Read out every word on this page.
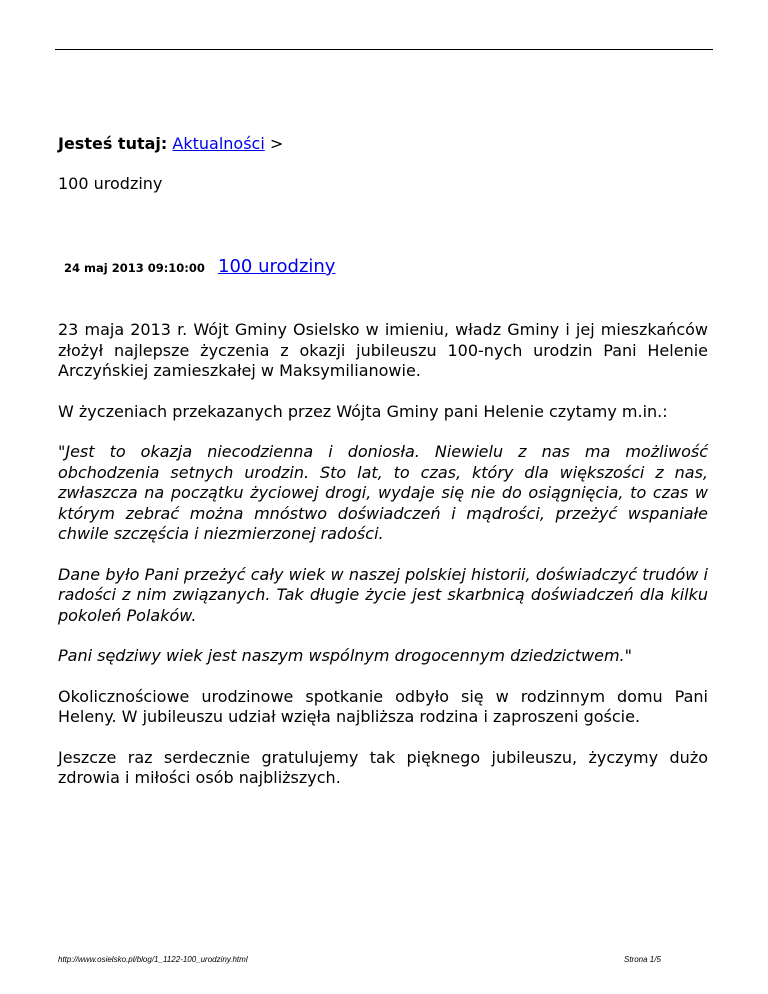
Jesteś tutaj: Aktualności >
100 urodziny
24 maj 2013 09:10:00 100 urodziny

23 maja 2013 r. Wójt Gminy Osielsko w imieniu, władz Gminy i jej mieszkańców złożył najlepsze życzenia z okazji jubileuszu 100-nych urodzin Pani Helenie Arczyńskiej zamieszkałej w Maksymilianowie.

W życzeniach przekazanych przez Wójta Gminy pani Helenie czytamy m.in.:

"Jest to okazja niecodzienna i doniosła. Niewielu z nas ma możliwość obchodzenia setnych urodzin. Sto lat, to czas, który dla większości z nas, zwłaszcza na początku życiowej drogi, wydaje się nie do osiągnięcia, to czas w którym zebrać można mnóstwo doświadczeń i mądrości, przeżyć wspaniałe chwile szczęścia i niezmierzonej radości.

Dane było Pani przeżyć cały wiek w naszej polskiej historii, doświadczyć trudów i radości z nim związanych. Tak długie życie jest skarbnicą doświadczeń dla kilku pokoleń Polaków.

Pani sędziwy wiek jest naszym wspólnym drogocennym dziedzictwem."

Okolicznościowe urodzinowe spotkanie odbyło się w rodzinnym domu Pani Heleny. W jubileuszu udział wzięła najbliższa rodzina i zaproszeni goście.

Jeszcze raz serdecznie gratulujemy tak pięknego jubileuszu, życzymy dużo zdrowia i miłości osób najbliższych.

http://www.osielsko.pl/blog/1_1122-100_urodziny.html	Strona 1/5
